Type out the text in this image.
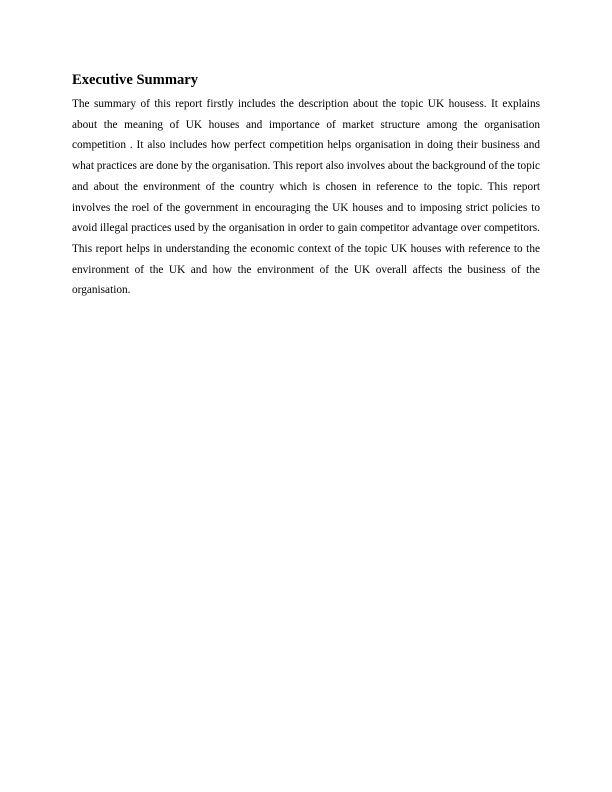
Executive Summary

The summary of this report firstly includes the description about the topic UK housess. It explains about the meaning of UK houses and importance of market structure among the organisation competition . It also includes how perfect competition helps organisation in doing their business and what practices are done by the organisation. This report also involves about the background of the topic and about the environment of the country which is chosen in reference to the topic. This report involves the roel of the government in encouraging the UK houses and to imposing strict policies to avoid illegal practices used by the organisation in order to gain competitor advantage over competitors. This report helps in understanding the economic context of the topic UK houses with reference to the environment of the UK and how the environment of the UK overall affects the business of the organisation.
